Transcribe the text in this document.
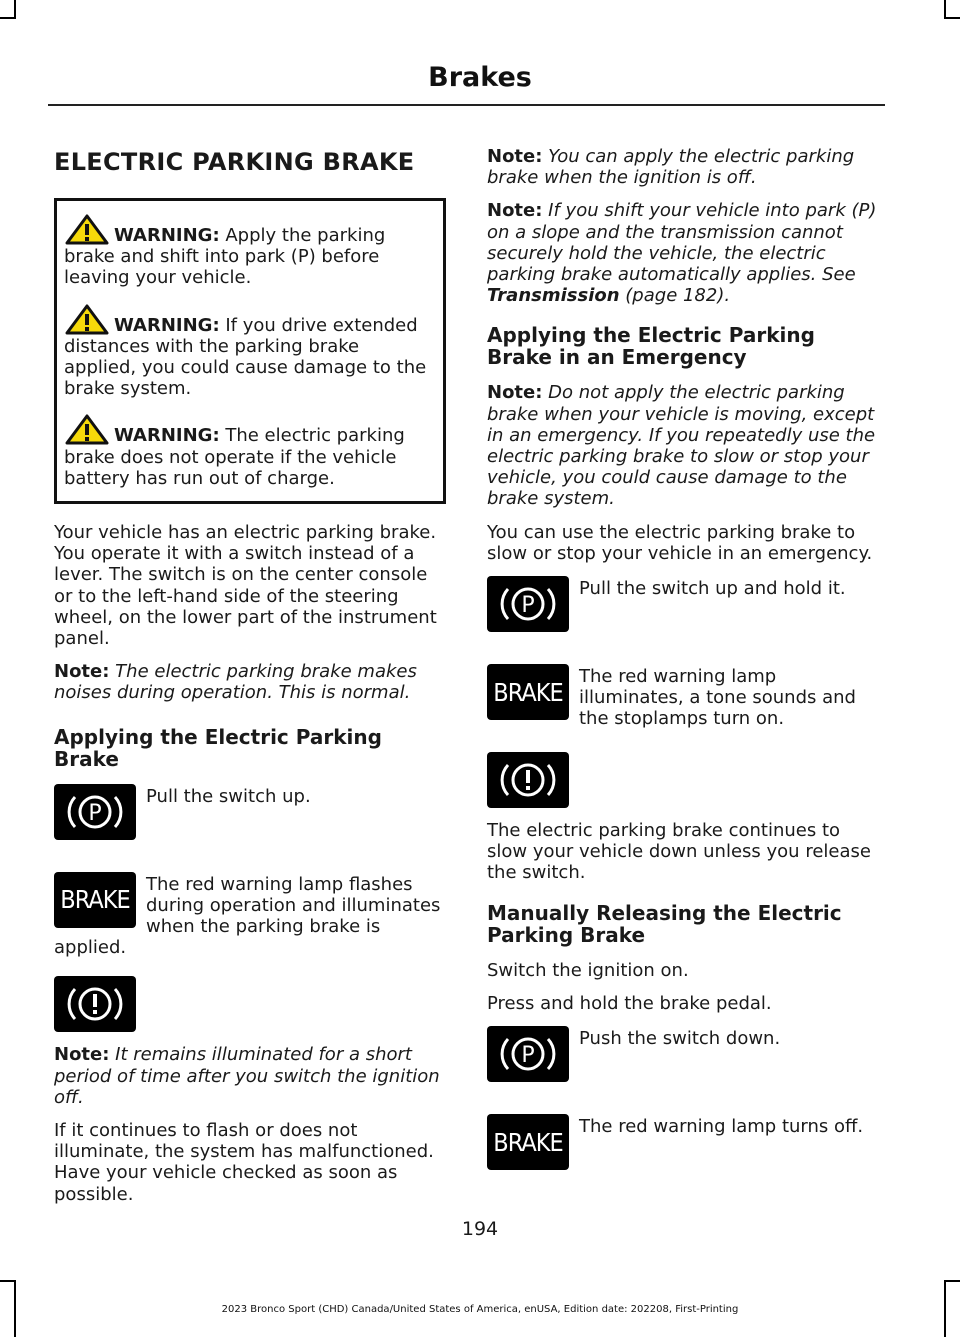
Brakes
ELECTRIC PARKING BRAKE
WARNING: Apply the parking brake and shift into park (P) before leaving your vehicle.
WARNING: If you drive extended distances with the parking brake applied, you could cause damage to the brake system.
WARNING: The electric parking brake does not operate if the vehicle battery has run out of charge.

Your vehicle has an electric parking brake. You operate it with a switch instead of a lever. The switch is on the center console or to the left-hand side of the steering wheel, on the lower part of the instrument panel.

Note: The electric parking brake makes noises during operation. This is normal.

Applying the Electric Parking Brake
P
Pull the switch up.
BRAKE
The red warning lamp flashes during operation and illuminates when the parking brake is applied.

Note: It remains illuminated for a short period of time after you switch the ignition off.

If it continues to flash or does not illuminate, the system has malfunctioned. Have your vehicle checked as soon as possible.

Note: You can apply the electric parking brake when the ignition is off.

Note: If you shift your vehicle into park (P) on a slope and the transmission cannot securely hold the vehicle, the electric parking brake automatically applies. See Transmission (page 182).

Applying the Electric Parking Brake in an Emergency

Note: Do not apply the electric parking brake when your vehicle is moving, except in an emergency. If you repeatedly use the electric parking brake to slow or stop your vehicle, you could cause damage to the brake system.

You can use the electric parking brake to slow or stop your vehicle in an emergency.

P
Pull the switch up and hold it.
BRAKE
The red warning lamp illuminates, a tone sounds and the stoplamps turn on.

The electric parking brake continues to slow your vehicle down unless you release the switch.

Manually Releasing the Electric Parking Brake

Switch the ignition on.

Press and hold the brake pedal.

P
Push the switch down.
BRAKE
The red warning lamp turns off.
194
2023 Bronco Sport (CHD) Canada/United States of America, enUSA, Edition date: 202208, First-Printing
